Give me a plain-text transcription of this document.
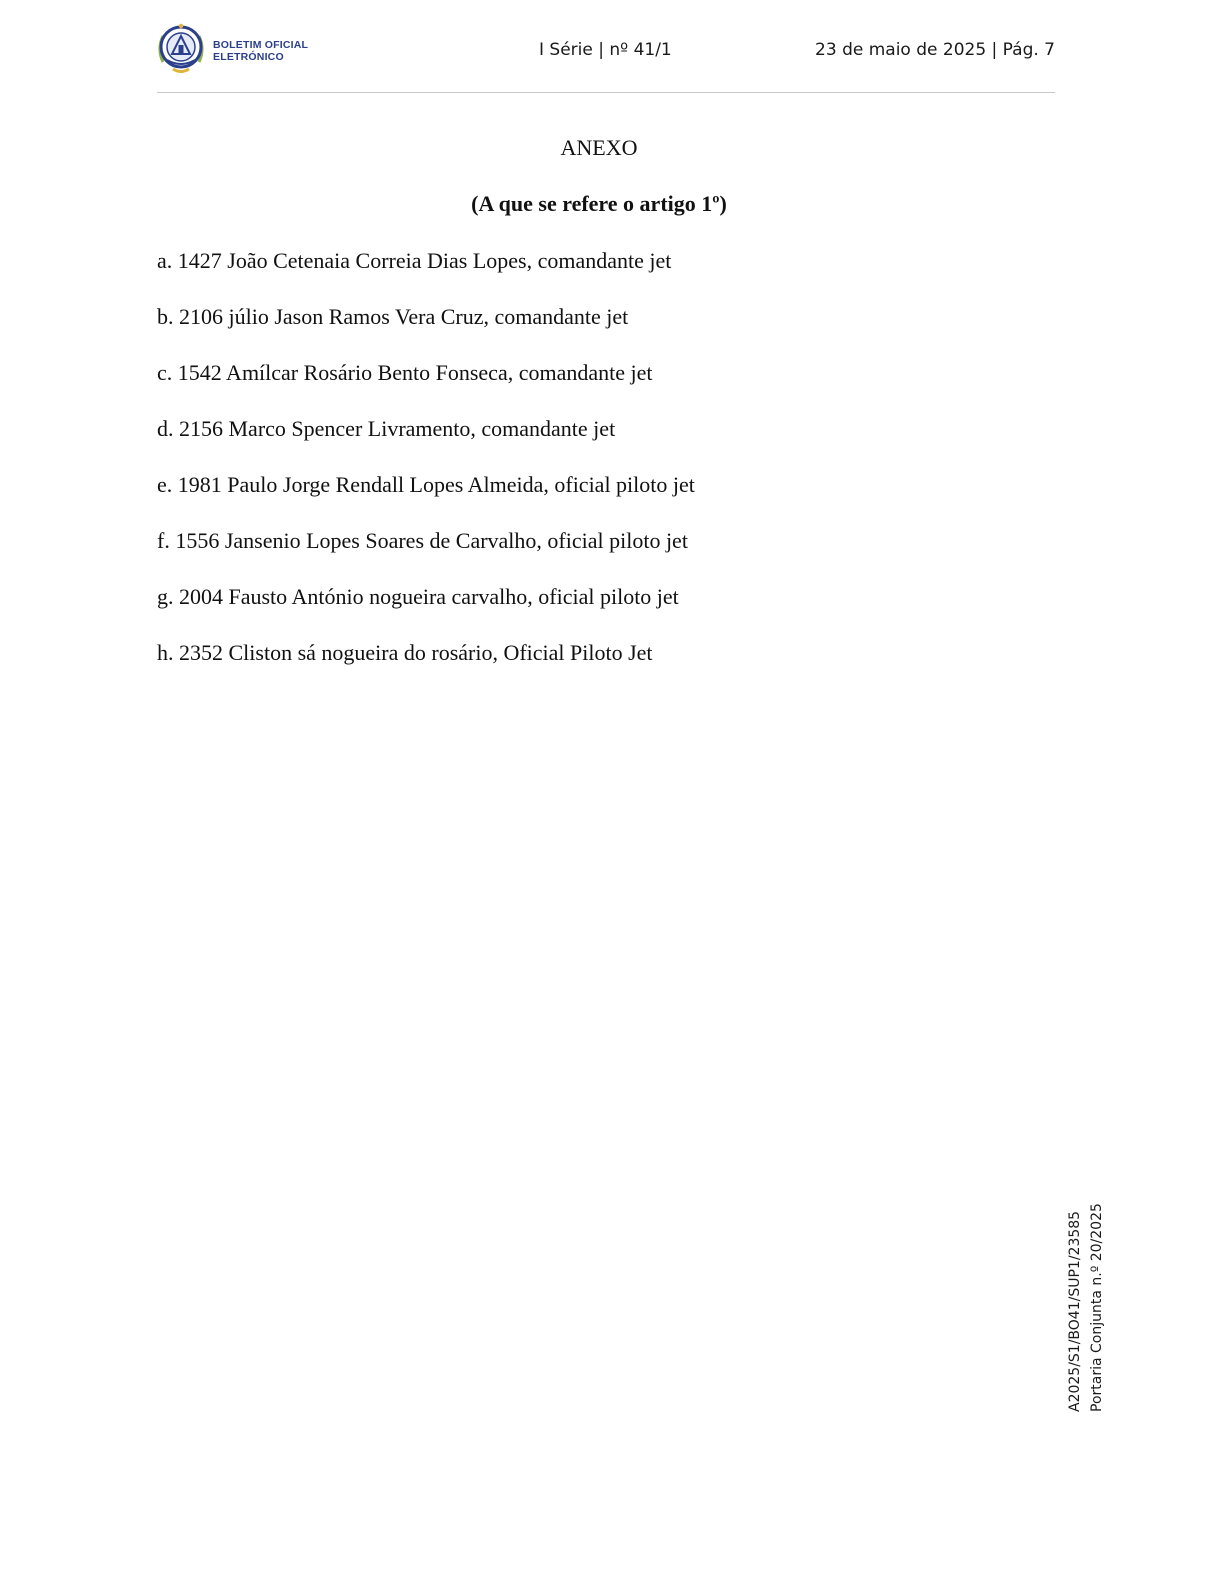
BOLETIM OFICIAL
ELETRÓNICO	I Série | nº 41/1	23 de maio de 2025 | Pág. 7
ANEXO
(A que se refere o artigo 1º)
a. 1427 João Cetenaia Correia Dias Lopes, comandante jet
b. 2106 júlio Jason Ramos Vera Cruz, comandante jet
c. 1542 Amílcar Rosário Bento Fonseca, comandante jet
d. 2156 Marco Spencer Livramento, comandante jet
e. 1981 Paulo Jorge Rendall Lopes Almeida, oficial piloto jet
f. 1556 Jansenio Lopes Soares de Carvalho, oficial piloto jet
g. 2004 Fausto António nogueira carvalho, oficial piloto jet
h. 2352 Cliston sá nogueira do rosário, Oficial Piloto Jet
A2025/S1/BO41/SUP1/23585 Portaria Conjunta n.º 20/2025
